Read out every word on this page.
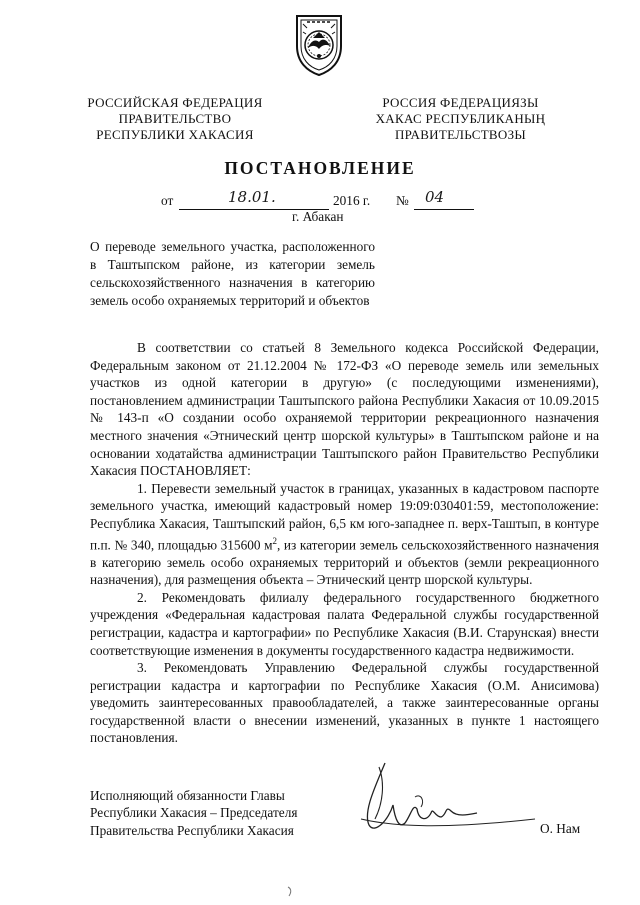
РОССИЙСКАЯ ФЕДЕРАЦИЯ
ПРАВИТЕЛЬСТВО
РЕСПУБЛИКИ ХАКАСИЯ
РОССИЯ ФЕДЕРАЦИЯЗЫ
ХАКАС РЕСПУБЛИКАНЫҢ
ПРАВИТЕЛЬСТВОЗЫ
ПОСТАНОВЛЕНИЕ
от	18.01.	2016 г. № 04
г. Абакан
О переводе земельного участка, расположенного в Таштыпском районе, из категории земель сельскохозяйственного назначения в категорию земель особо охраняемых территорий и объектов

В соответствии со статьей 8 Земельного кодекса Российской Федерации, Федеральным законом от 21.12.2004 № 172-ФЗ «О переводе земель или земельных участков из одной категории в другую» (с последующими изменениями), постановлением администрации Таштыпского района Республики Хакасия от 10.09.2015 № 143-п «О создании особо охраняемой территории рекреационного назначения местного значения «Этнический центр шорской культуры» в Таштыпском районе и на основании ходатайства администрации Таштыпского район Правительство Республики Хакасия ПОСТАНОВЛЯЕТ:

1. Перевести земельный участок в границах, указанных в кадастровом паспорте земельного участка, имеющий кадастровый номер 19:09:030401:59, местоположение: Республика Хакасия, Таштыпский район, 6,5 км юго-западнее п. верх-Таштып, в контуре п.п. № 340, площадью 315600 $м^2$, из категории земель сельскохозяйственного назначения в категорию земель особо охраняемых территорий и объектов (земли рекреационного назначения), для размещения объекта – Этнический центр шорской культуры.

2. Рекомендовать филиалу федерального государственного бюджетного учреждения «Федеральная кадастровая палата Федеральной службы государственной регистрации, кадастра и картографии» по Республике Хакасия (В.И. Старунская) внести соответствующие изменения в документы государственного кадастра недвижимости.

3. Рекомендовать Управлению Федеральной службы государственной регистрации кадастра и картографии по Республике Хакасия (О.М. Анисимова) уведомить заинтересованных правообладателей, а также заинтересованные органы государственной власти о внесении изменений, указанных в пункте 1 настоящего постановления.

Исполняющий обязанности Главы
Республики Хакасия – Председателя
Правительства Республики Хакасия	О. Нам
